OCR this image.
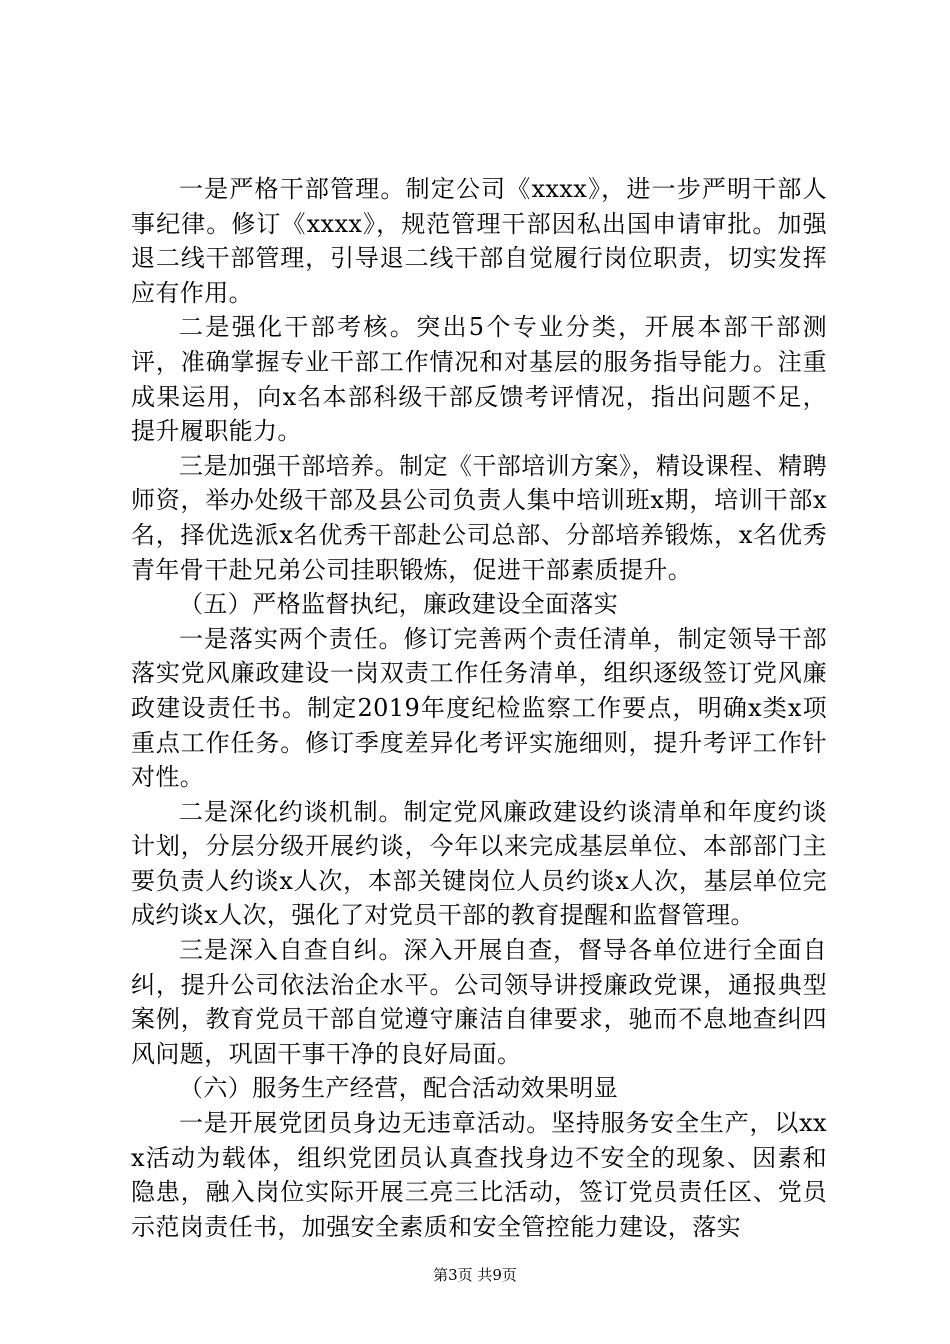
一是严格干部管理。制定公司《xxxx》，进一步严明干部人事纪律。修订《xxxx》，规范管理干部因私出国申请审批。加强退二线干部管理，引导退二线干部自觉履行岗位职责，切实发挥应有作用。

二是强化干部考核。突出5个专业分类，开展本部干部测评，准确掌握专业干部工作情况和对基层的服务指导能力。注重成果运用，向x名本部科级干部反馈考评情况，指出问题不足，提升履职能力。

三是加强干部培养。制定《干部培训方案》，精设课程、精聘师资，举办处级干部及县公司负责人集中培训班x期，培训干部x名，择优选派x名优秀干部赴公司总部、分部培养锻炼，x名优秀青年骨干赴兄弟公司挂职锻炼，促进干部素质提升。

（五）严格监督执纪，廉政建设全面落实

一是落实两个责任。修订完善两个责任清单，制定领导干部落实党风廉政建设一岗双责工作任务清单，组织逐级签订党风廉政建设责任书。制定2019年度纪检监察工作要点，明确x类x项重点工作任务。修订季度差异化考评实施细则，提升考评工作针对性。

二是深化约谈机制。制定党风廉政建设约谈清单和年度约谈计划，分层分级开展约谈，今年以来完成基层单位、本部部门主要负责人约谈x人次，本部关键岗位人员约谈x人次，基层单位完成约谈x人次，强化了对党员干部的教育提醒和监督管理。

三是深入自查自纠。深入开展自查，督导各单位进行全面自纠，提升公司依法治企水平。公司领导讲授廉政党课，通报典型案例，教育党员干部自觉遵守廉洁自律要求，驰而不息地查纠四风问题，巩固干事干净的良好局面。

（六）服务生产经营，配合活动效果明显

一是开展党团员身边无违章活动。坚持服务安全生产，以xxx活动为载体，组织党团员认真查找身边不安全的现象、因素和隐患，融入岗位实际开展三亮三比活动，签订党员责任区、党员示范岗责任书，加强安全素质和安全管控能力建设，落实

第3页 共9页
